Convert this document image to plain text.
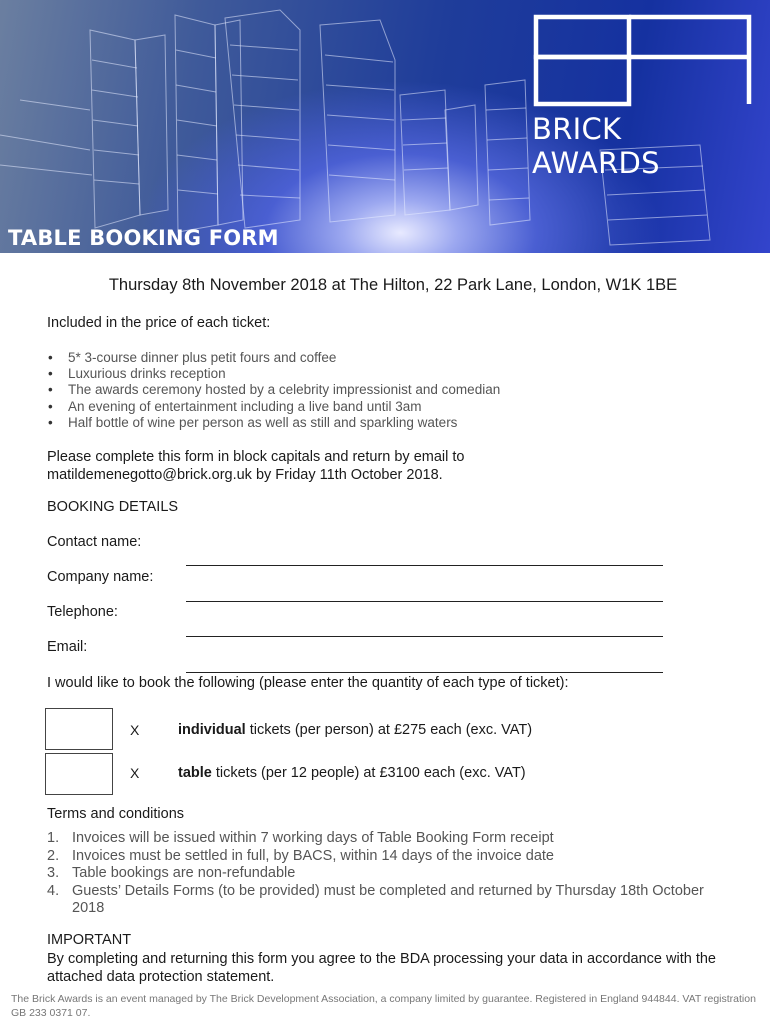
BRICK AWARDS
TABLE BOOKING FORM
Thursday 8th November 2018 at The Hilton, 22 Park Lane, London, W1K 1BE
Included in the price of each ticket:
• 5* 3-course dinner plus petit fours and coffee
• Luxurious drinks reception
• The awards ceremony hosted by a celebrity impressionist and comedian
• An evening of entertainment including a live band until 3am
• Half bottle of wine per person as well as still and sparkling waters
Please complete this form in block capitals and return by email to
matildemenegotto@brick.org.uk by Friday 11th October 2018.
BOOKING DETAILS
Contact name:
Company name:
Telephone:
Email:
I would like to book the following (please enter the quantity of each type of ticket):
X	individual tickets (per person) at £275 each (exc. VAT)
X	table tickets (per 12 people) at £3100 each (exc. VAT)
Terms and conditions
1. Invoices will be issued within 7 working days of Table Booking Form receipt
2. Invoices must be settled in full, by BACS, within 14 days of the invoice date
3. Table bookings are non-refundable
4. Guests’ Details Forms (to be provided) must be completed and returned by Thursday 18th October 2018
IMPORTANT
By completing and returning this form you agree to the BDA processing your data in accordance with the attached data protection statement.
The Brick Awards is an event managed by The Brick Development Association, a company limited by guarantee. Registered in England 944844. VAT registration GB 233 0371 07.
